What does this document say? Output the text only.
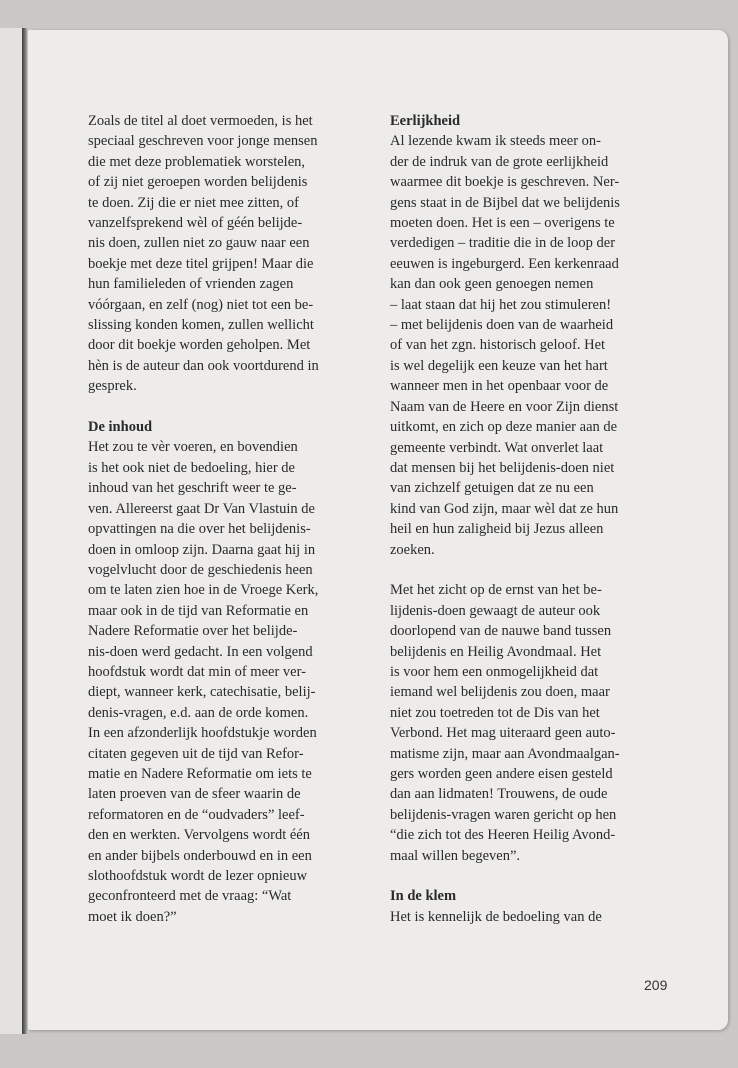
Zoals de titel al doet vermoeden, is het
speciaal geschreven voor jonge mensen
die met deze problematiek worstelen,
of zij niet geroepen worden belijdenis
te doen. Zij die er niet mee zitten, of
vanzelfsprekend wèl of géén belijde-
nis doen, zullen niet zo gauw naar een
boekje met deze titel grijpen! Maar die
hun familieleden of vrienden zagen
vóórgaan, en zelf (nog) niet tot een be-
slissing konden komen, zullen wellicht
door dit boekje worden geholpen. Met
hèn is de auteur dan ook voortdurend in
gesprek.

De inhoud

Het zou te vèr voeren, en bovendien
is het ook niet de bedoeling, hier de
inhoud van het geschrift weer te ge-
ven. Allereerst gaat Dr Van Vlastuin de
opvattingen na die over het belijdenis-
doen in omloop zijn. Daarna gaat hij in
vogelvlucht door de geschiedenis heen
om te laten zien hoe in de Vroege Kerk,
maar ook in de tijd van Reformatie en
Nadere Reformatie over het belijde-
nis-doen werd gedacht. In een volgend
hoofdstuk wordt dat min of meer ver-
diept, wanneer kerk, catechisatie, belij-
denis-vragen, e.d. aan de orde komen.
In een afzonderlijk hoofdstukje worden
citaten gegeven uit de tijd van Refor-
matie en Nadere Reformatie om iets te
laten proeven van de sfeer waarin de
reformatoren en de “oudvaders” leef-
den en werkten. Vervolgens wordt één
en ander bijbels onderbouwd en in een
slothoofdstuk wordt de lezer opnieuw
geconfronteerd met de vraag: “Wat
moet ik doen?”

Eerlijkheid

Al lezende kwam ik steeds meer on-
der de indruk van de grote eerlijkheid
waarmee dit boekje is geschreven. Ner-
gens staat in de Bijbel dat we belijdenis
moeten doen. Het is een – overigens te
verdedigen – traditie die in de loop der
eeuwen is ingeburgerd. Een kerkenraad
kan dan ook geen genoegen nemen
– laat staan dat hij het zou stimuleren!
– met belijdenis doen van de waarheid
of van het zgn. historisch geloof. Het
is wel degelijk een keuze van het hart
wanneer men in het openbaar voor de
Naam van de Heere en voor Zijn dienst
uitkomt, en zich op deze manier aan de
gemeente verbindt. Wat onverlet laat
dat mensen bij het belijdenis-doen niet
van zichzelf getuigen dat ze nu een
kind van God zijn, maar wèl dat ze hun
heil en hun zaligheid bij Jezus alleen
zoeken.

Met het zicht op de ernst van het be-
lijdenis-doen gewaagt de auteur ook
doorlopend van de nauwe band tussen
belijdenis en Heilig Avondmaal. Het
is voor hem een onmogelijkheid dat
iemand wel belijdenis zou doen, maar
niet zou toetreden tot de Dis van het
Verbond. Het mag uiteraard geen auto-
matisme zijn, maar aan Avondmaalgan-
gers worden geen andere eisen gesteld
dan aan lidmaten! Trouwens, de oude
belijdenis-vragen waren gericht op hen
“die zich tot des Heeren Heilig Avond-
maal willen begeven”.

In de klem

Het is kennelijk de bedoeling van de

209
